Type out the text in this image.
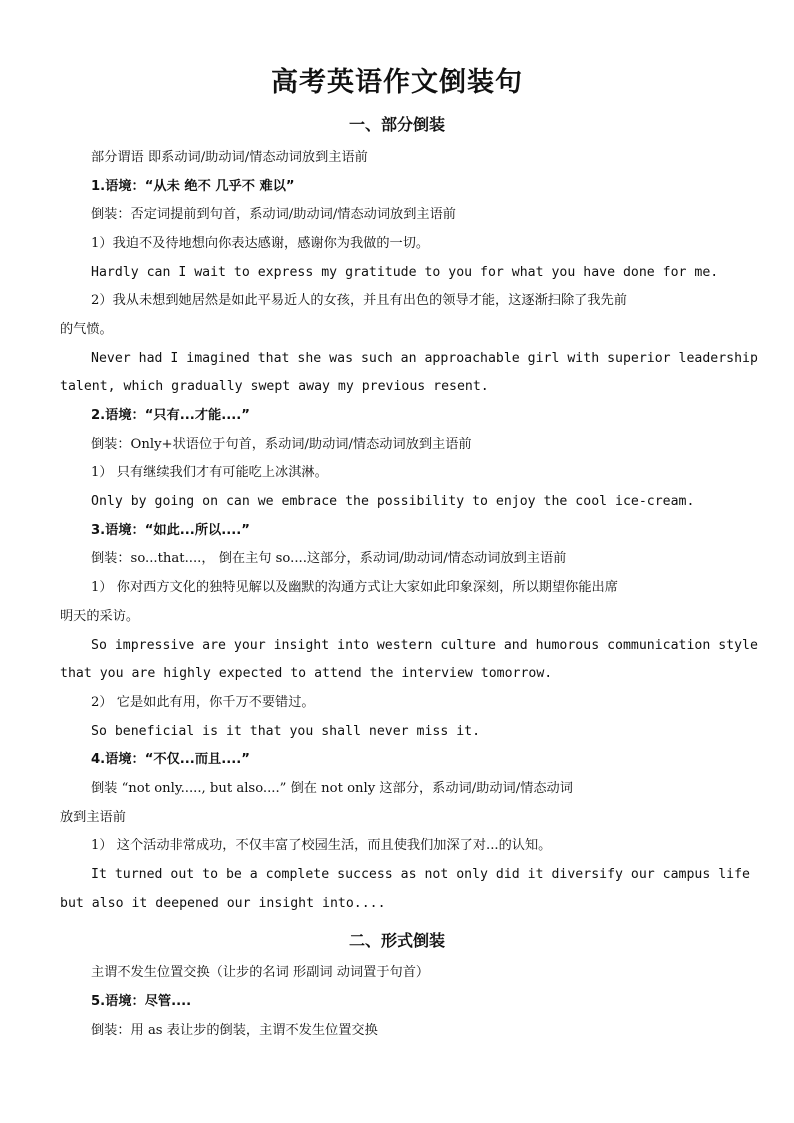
高考英语作文倒装句
一、部分倒装
部分谓语 即系动词/助动词/情态动词放到主语前
1.语境：“从未 绝不 几乎不 难以”
倒装：否定词提前到句首，系动词/助动词/情态动词放到主语前
1）我迫不及待地想向你表达感谢，感谢你为我做的一切。
Hardly can I wait to express my gratitude to you for what you have done for me.
2）我从未想到她居然是如此平易近人的女孩，并且有出色的领导才能，这逐渐扫除了我先前
的气愤。
Never had I imagined that she was such an approachable girl with superior leadership
talent, which gradually swept away my previous resent.
2.语境：“只有...才能....”
倒装：Only+状语位于句首，系动词/助动词/情态动词放到主语前
1） 只有继续我们才有可能吃上冰淇淋。
Only by going on can we embrace the possibility to enjoy the cool ice-cream.
3.语境：“如此...所以....”
倒装：so...that....， 倒在主句 so....这部分，系动词/助动词/情态动词放到主语前
1） 你对西方文化的独特见解以及幽默的沟通方式让大家如此印象深刻，所以期望你能出席
明天的采访。
So impressive are your insight into western culture and humorous communication style
that you are highly expected to attend the interview tomorrow.
2） 它是如此有用，你千万不要错过。
So beneficial is it that you shall never miss it.
4.语境：“不仅...而且....”
倒装 “not only....., but also....” 倒在 not only 这部分，系动词/助动词/情态动词
放到主语前
1） 这个活动非常成功，不仅丰富了校园生活，而且使我们加深了对...的认知。
It turned out to be a complete success as not only did it diversify our campus life
but also it deepened our insight into....
二、形式倒装
主谓不发生位置交换（让步的名词 形副词 动词置于句首）
5.语境：尽管....
倒装：用 as 表让步的倒装，主谓不发生位置交换
